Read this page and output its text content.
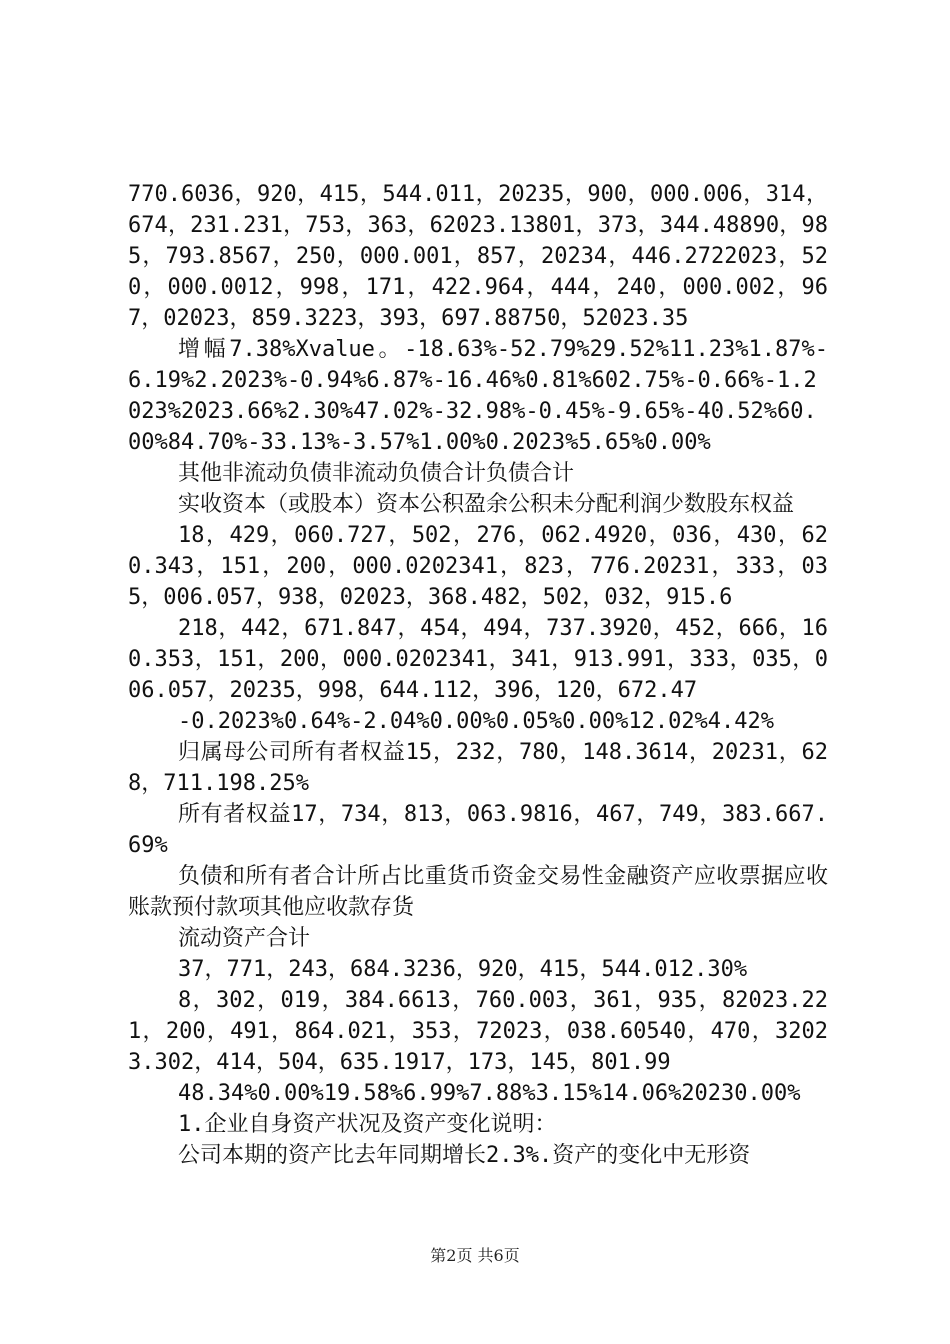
770.6036，920，415，544.011，20235，900，000.006，314，674，231.231，753，363，62023.13801，373，344.48890，985，793.8567，250，000.001，857，20234，446.2722023，520，000.0012，998，171，422.964，444，240，000.002，967，02023，859.3223，393，697.88750，52023.35

增幅7.38%Xvalue。-18.63%-52.79%29.52%11.23%1.87%-6.19%2.2023%-0.94%6.87%-16.46%0.81%602.75%-0.66%-1.2023%2023.66%2.30%47.02%-32.98%-0.45%-9.65%-40.52%60.00%84.70%-33.13%-3.57%1.00%0.2023%5.65%0.00%

其他非流动负债非流动负债合计负债合计

实收资本（或股本）资本公积盈余公积未分配利润少数股东权益

18，429，060.727，502，276，062.4920，036，430，620.343，151，200，000.0202341，823，776.20231，333，035，006.057，938，02023，368.482，502，032，915.6

218，442，671.847，454，494，737.3920，452，666，160.353，151，200，000.0202341，341，913.991，333，035，006.057，20235，998，644.112，396，120，672.47

-0.2023%0.64%-2.04%0.00%0.05%0.00%12.02%4.42%

归属母公司所有者权益15，232，780，148.3614，20231，628，711.198.25%

所有者权益17，734，813，063.9816，467，749，383.667.69%

负债和所有者合计所占比重货币资金交易性金融资产应收票据应收账款预付款项其他应收款存货

流动资产合计

37，771，243，684.3236，920，415，544.012.30%

8，302，019，384.6613，760.003，361，935，82023.221，200，491，864.021，353，72023，038.60540，470，32023.302，414，504，635.1917，173，145，801.99

48.34%0.00%19.58%6.99%7.88%3.15%14.06%20230.00%

1.企业自身资产状况及资产变化说明：

公司本期的资产比去年同期增长2.3%.资产的变化中无形资

第2页 共6页
